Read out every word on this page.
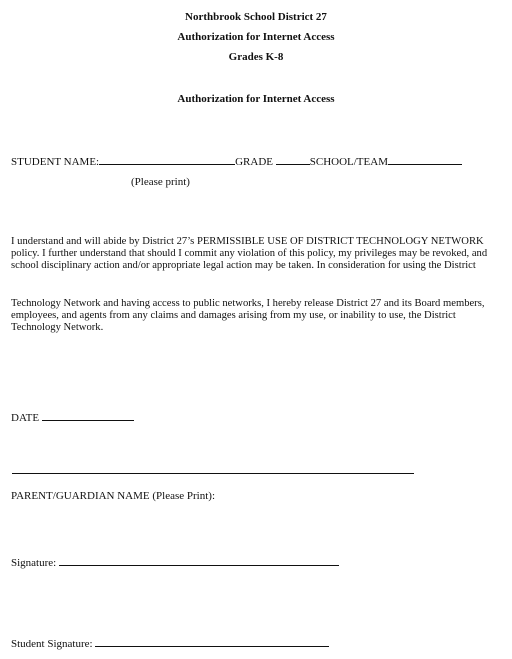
Northbrook School District 27
Authorization for Internet Access
Grades K-8
Authorization for Internet Access
STUDENT NAME:	GRADE	SCHOOL/TEAM
(Please print)
I understand and will abide by District 27’s PERMISSIBLE USE OF DISTRICT TECHNOLOGY NETWORK policy. I further understand that should I commit any violation of this policy, my privileges may be revoked, and school disciplinary action and/or appropriate legal action may be taken. In consideration for using the District
Technology Network and having access to public networks, I hereby release District 27 and its Board members, employees, and agents from any claims and damages arising from my use, or inability to use, the District Technology Network.
DATE
PARENT/GUARDIAN NAME (Please Print):
Signature:
Student Signature:
